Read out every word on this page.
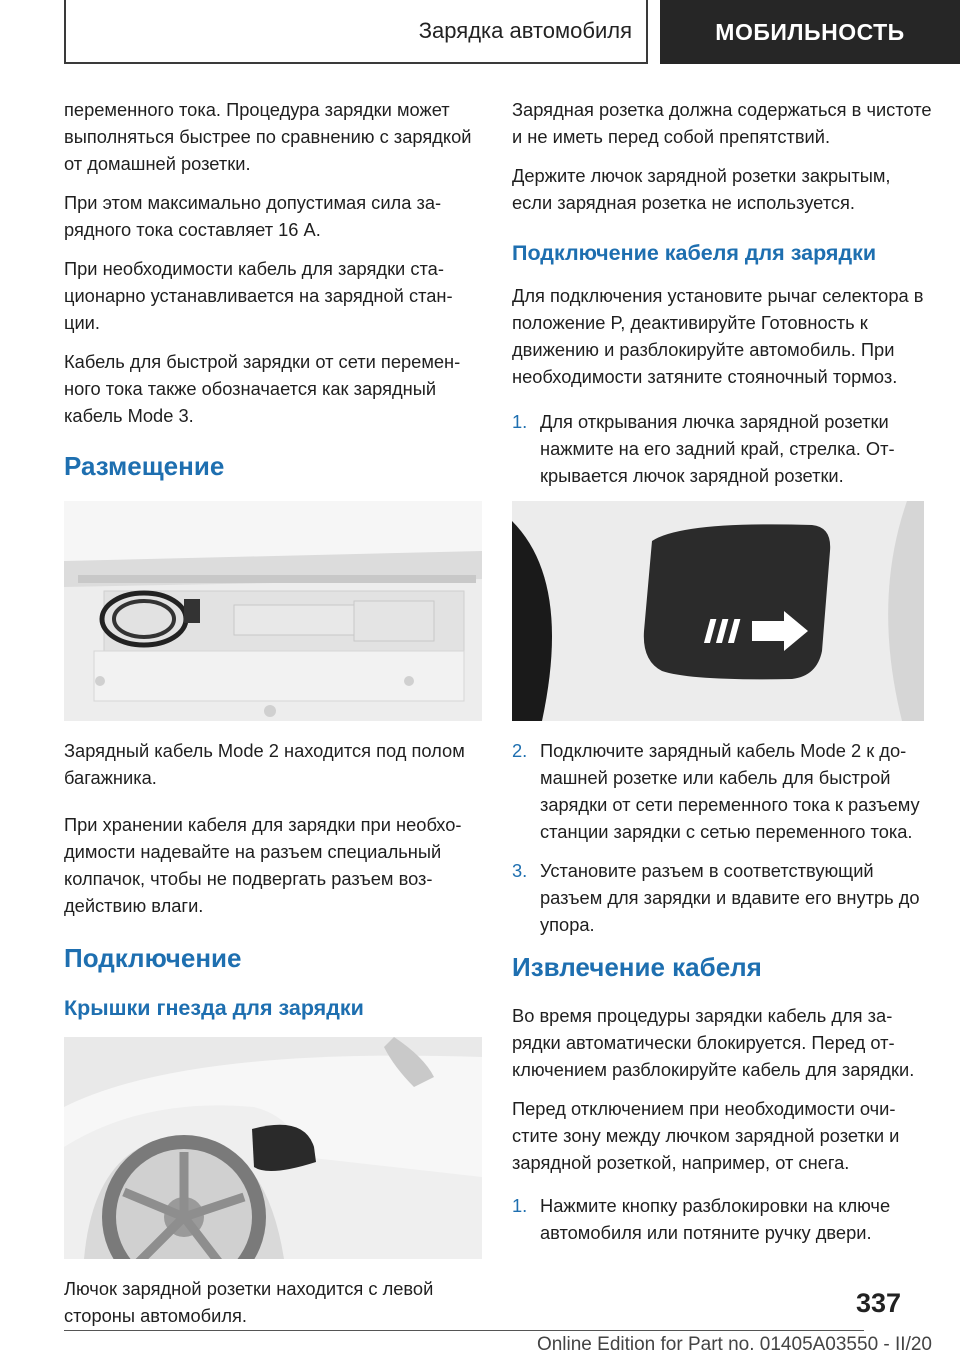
Зарядка автомобиля	МОБИЛЬНОСТЬ

переменного тока. Процедура зарядки может выполняться быстрее по сравнению с зарядкой от домашней розетки.

При этом максимально допустимая сила зарядного тока составляет 16 А.

При необходимости кабель для зарядки стационарно устанавливается на зарядной станции.

Кабель для быстрой зарядки от сети переменного тока также обозначается как зарядный кабель Mode 3.

Размещение

Зарядный кабель Mode 2 находится под полом багажника.

При хранении кабеля для зарядки при необходимости надевайте на разъем специальный колпачок, чтобы не подвергать разъем воздействию влаги.

Подключение
Крышки гнезда для зарядки

Лючок зарядной розетки находится с левой стороны автомобиля.

Зарядная розетка должна содержаться в чистоте и не иметь перед собой препятствий.

Держите лючок зарядной розетки закрытым, если зарядная розетка не используется.

Подключение кабеля для зарядки

Для подключения установите рычаг селектора в положение P, деактивируйте Готовность к движению и разблокируйте автомобиль. При необходимости затяните стояночный тормоз.

1. Для открывания лючка зарядной розетки нажмите на его задний край, стрелка. Открывается лючок зарядной розетки.
2. Подключите зарядный кабель Mode 2 к домашней розетке или кабель для быстрой зарядки от сети переменного тока к разъему станции зарядки с сетью переменного тока.
3. Установите разъем в соответствующий разъем для зарядки и вдавите его внутрь до упора.
Извлечение кабеля

Во время процедуры зарядки кабель для зарядки автоматически блокируется. Перед отключением разблокируйте кабель для зарядки.

Перед отключением при необходимости очистите зону между лючком зарядной розетки и зарядной розеткой, например, от снега.

1. Нажмите кнопку разблокировки на ключе автомобиля или потяните ручку двери.
337
Online Edition for Part no. 01405A03550 - II/20
